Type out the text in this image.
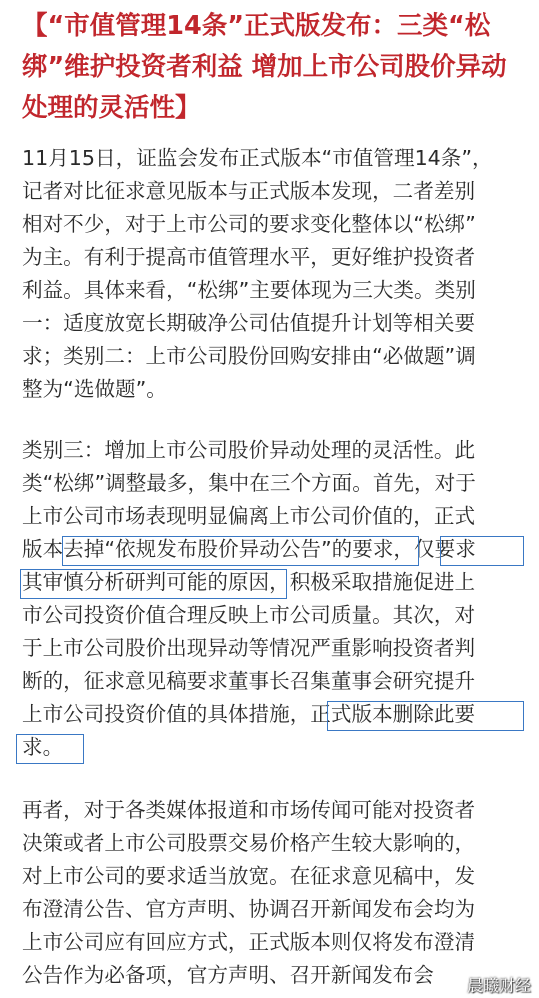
【“市值管理14条”正式版发布：三类“松绑”维护投资者利益 增加上市公司股价异动处理的灵活性】

11月15日，证监会发布正式版本“市值管理14条”，

记者对比征求意见版本与正式版本发现，二者差别

相对不少，对于上市公司的要求变化整体以“松绑”

为主。有利于提高市值管理水平，更好维护投资者

利益。具体来看，“松绑”主要体现为三大类。类别

一：适度放宽长期破净公司估值提升计划等相关要

求；类别二：上市公司股份回购安排由“必做题”调

整为“选做题”。

类别三：增加上市公司股价异动处理的灵活性。此

类“松绑”调整最多，集中在三个方面。首先，对于

上市公司市场表现明显偏离上市公司价值的，正式

版本去掉“依规发布股价异动公告”的要求，仅要求

其审慎分析研判可能的原因，积极采取措施促进上

市公司投资价值合理反映上市公司质量。其次，对

于上市公司股价出现异动等情况严重影响投资者判

断的，征求意见稿要求董事长召集董事会研究提升

上市公司投资价值的具体措施，正式版本删除此要

求。

再者，对于各类媒体报道和市场传闻可能对投资者

决策或者上市公司股票交易价格产生较大影响的，

对上市公司的要求适当放宽。在征求意见稿中，发

布澄清公告、官方声明、协调召开新闻发布会均为

上市公司应有回应方式，正式版本则仅将发布澄清

公告作为必备项，官方声明、召开新闻发布会 晨曦财经
